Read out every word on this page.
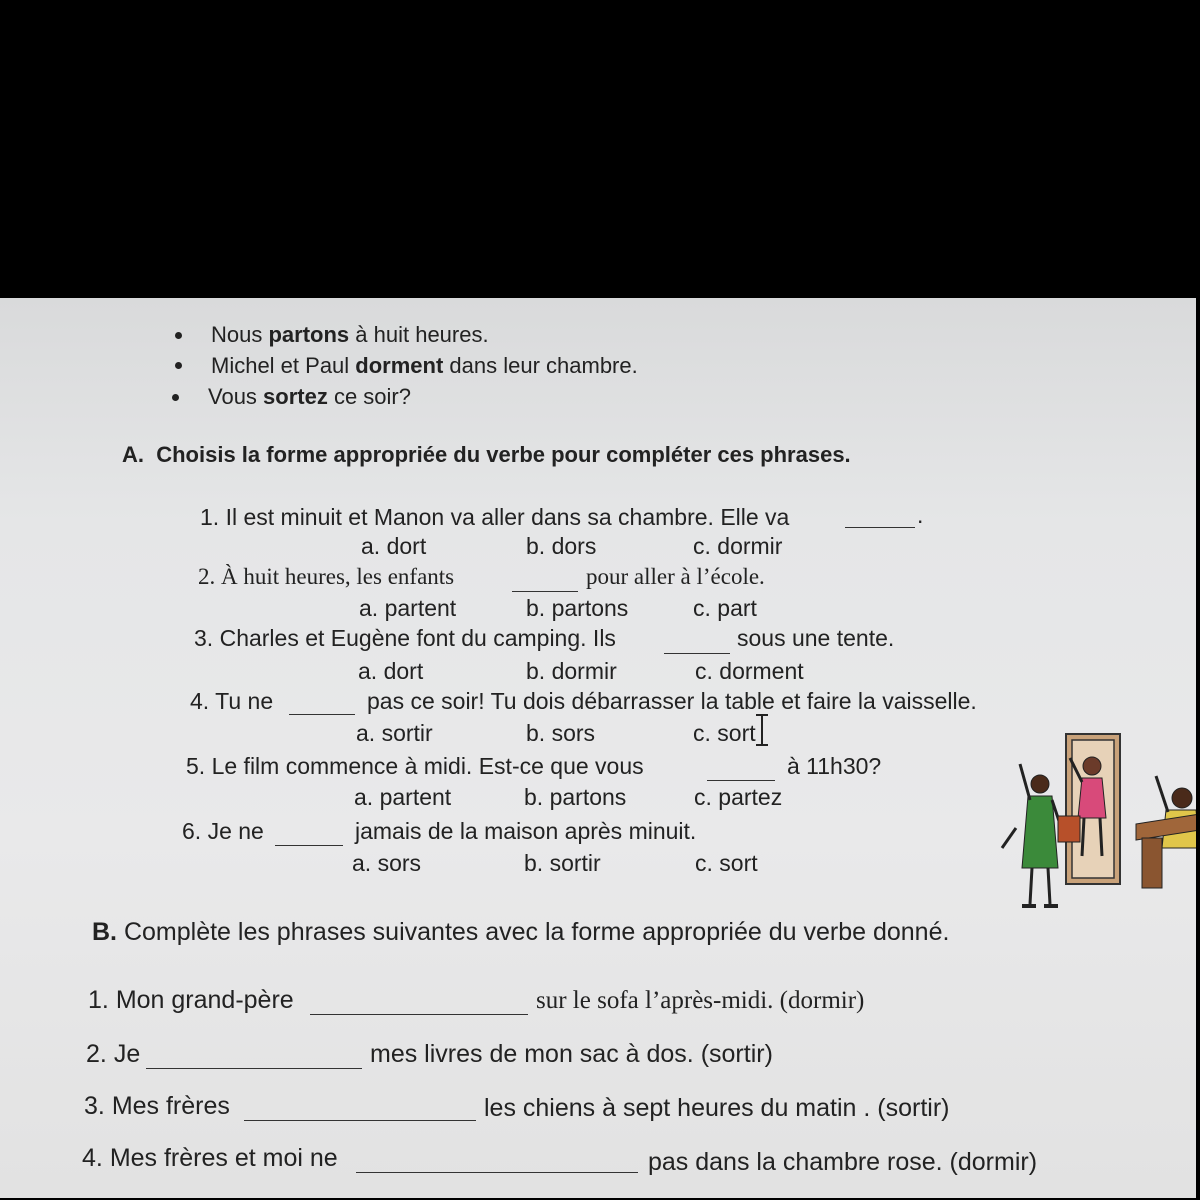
Nous partons à huit heures.
Michel et Paul dorment dans leur chambre.
Vous sortez ce soir?
A. Choisis la forme appropriée du verbe pour compléter ces phrases.
1. Il est minuit et Manon va aller dans sa chambre. Elle va	.
a. dort	b. dors	c. dormir
2. À huit heures, les enfants	pour aller à l’école.
a. partent	b. partons	c. part
3. Charles et Eugène font du camping. Ils	sous une tente.
a. dort	b. dormir	c. dorment
4. Tu ne	pas ce soir! Tu dois débarrasser la table et faire la vaisselle.
a. sortir	b. sors	c. sort
5. Le film commence à midi. Est-ce que vous	à 11h30?
a. partent	b. partons	c. partez
6. Je ne	jamais de la maison après minuit.
a. sors	b. sortir	c. sort
B. Complète les phrases suivantes avec la forme appropriée du verbe donné.
1. Mon grand-père	sur le sofa l’après-midi. (dormir)
2. Je	mes livres de mon sac à dos. (sortir)
3. Mes frères	les chiens à sept heures du matin . (sortir)
4. Mes frères et moi ne	pas dans la chambre rose. (dormir)
